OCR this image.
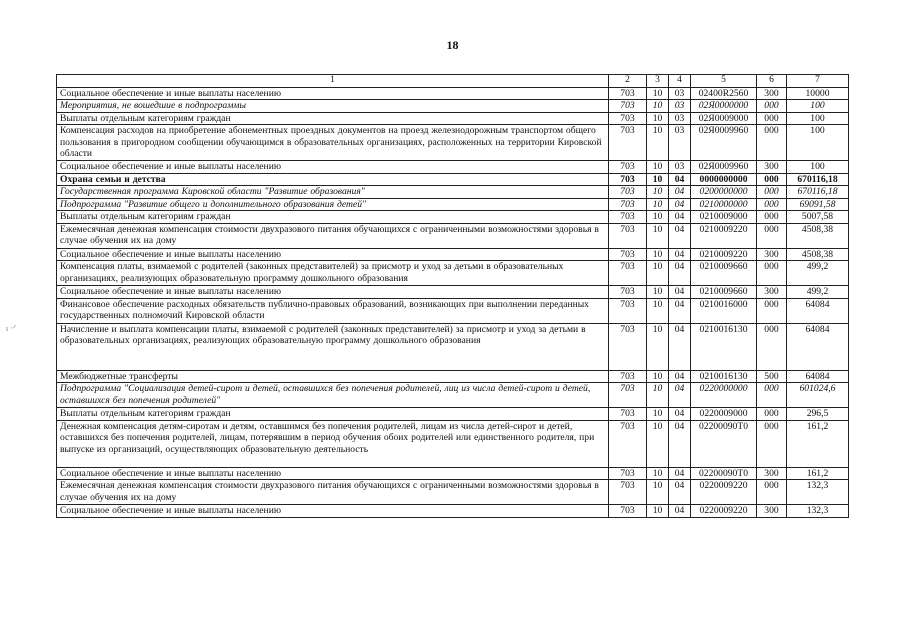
18
ι ·ᐟ
1	2	3	4	5	6	7
Социальное обеспечение и иные выплаты населению	703	10	03	02400R2560	300	10000
Мероприятия, не вошедшие в подпрограммы	703	10	03	02Я0000000	000	100
Выплаты отдельным категориям граждан	703	10	03	02Я0009000	000	100
Компенсация расходов на приобретение абонементных проездных документов на проезд железнодорожным транспортом общего пользования в пригородном сообщении обучающимся в образовательных организациях, расположенных на территории Кировской области	703	10	03	02Я0009960	000	100
Социальное обеспечение и иные выплаты населению	703	10	03	02Я0009960	300	100
Охрана семьи и детства	703	10	04	0000000000	000	670116,18
Государственная программа Кировской области "Развитие образования"	703	10	04	0200000000	000	670116,18
Подпрограмма "Развитие общего и дополнительного образования детей"	703	10	04	0210000000	000	69091,58
Выплаты отдельным категориям граждан	703	10	04	0210009000	000	5007,58
Ежемесячная денежная компенсация стоимости двухразового питания обучающихся с ограниченными возможностями здоровья в случае обучения их на дому	703	10	04	0210009220	000	4508,38
Социальное обеспечение и иные выплаты населению	703	10	04	0210009220	300	4508,38
Компенсация платы, взимаемой с родителей (законных представителей) за присмотр и уход за детьми в образовательных организациях, реализующих образовательную программу дошкольного образования	703	10	04	0210009660	000	499,2
Социальное обеспечение и иные выплаты населению	703	10	04	0210009660	300	499,2
Финансовое обеспечение расходных обязательств публично-правовых образований, возникающих при выполнении переданных государственных полномочий Кировской области	703	10	04	0210016000	000	64084
Начисление и выплата компенсации платы, взимаемой с родителей (законных представителей) за присмотр и уход за детьми в образовательных организациях, реализующих образовательную программу дошкольного образования	703	10	04	0210016130	000	64084
Межбюджетные трансферты	703	10	04	0210016130	500	64084
Подпрограмма "Социализация детей-сирот и детей, оставшихся без попечения родителей, лиц из числа детей-сирот и детей, оставшихся без попечения родителей"	703	10	04	0220000000	000	601024,6
Выплаты отдельным категориям граждан	703	10	04	0220009000	000	296,5
Денежная компенсация детям-сиротам и детям, оставшимся без попечения родителей, лицам из числа детей-сирот и детей, оставшихся без попечения родителей, лицам, потерявшим в период обучения обоих родителей или единственного родителя, при выпуске из организаций, осуществляющих образовательную деятельность	703	10	04	02200090Т0	000	161,2
Социальное обеспечение и иные выплаты населению	703	10	04	02200090Т0	300	161,2
Ежемесячная денежная компенсация стоимости двухразового питания обучающихся с ограниченными возможностями здоровья в случае обучения их на дому	703	10	04	0220009220	000	132,3
Социальное обеспечение и иные выплаты населению	703	10	04	0220009220	300	132,3
